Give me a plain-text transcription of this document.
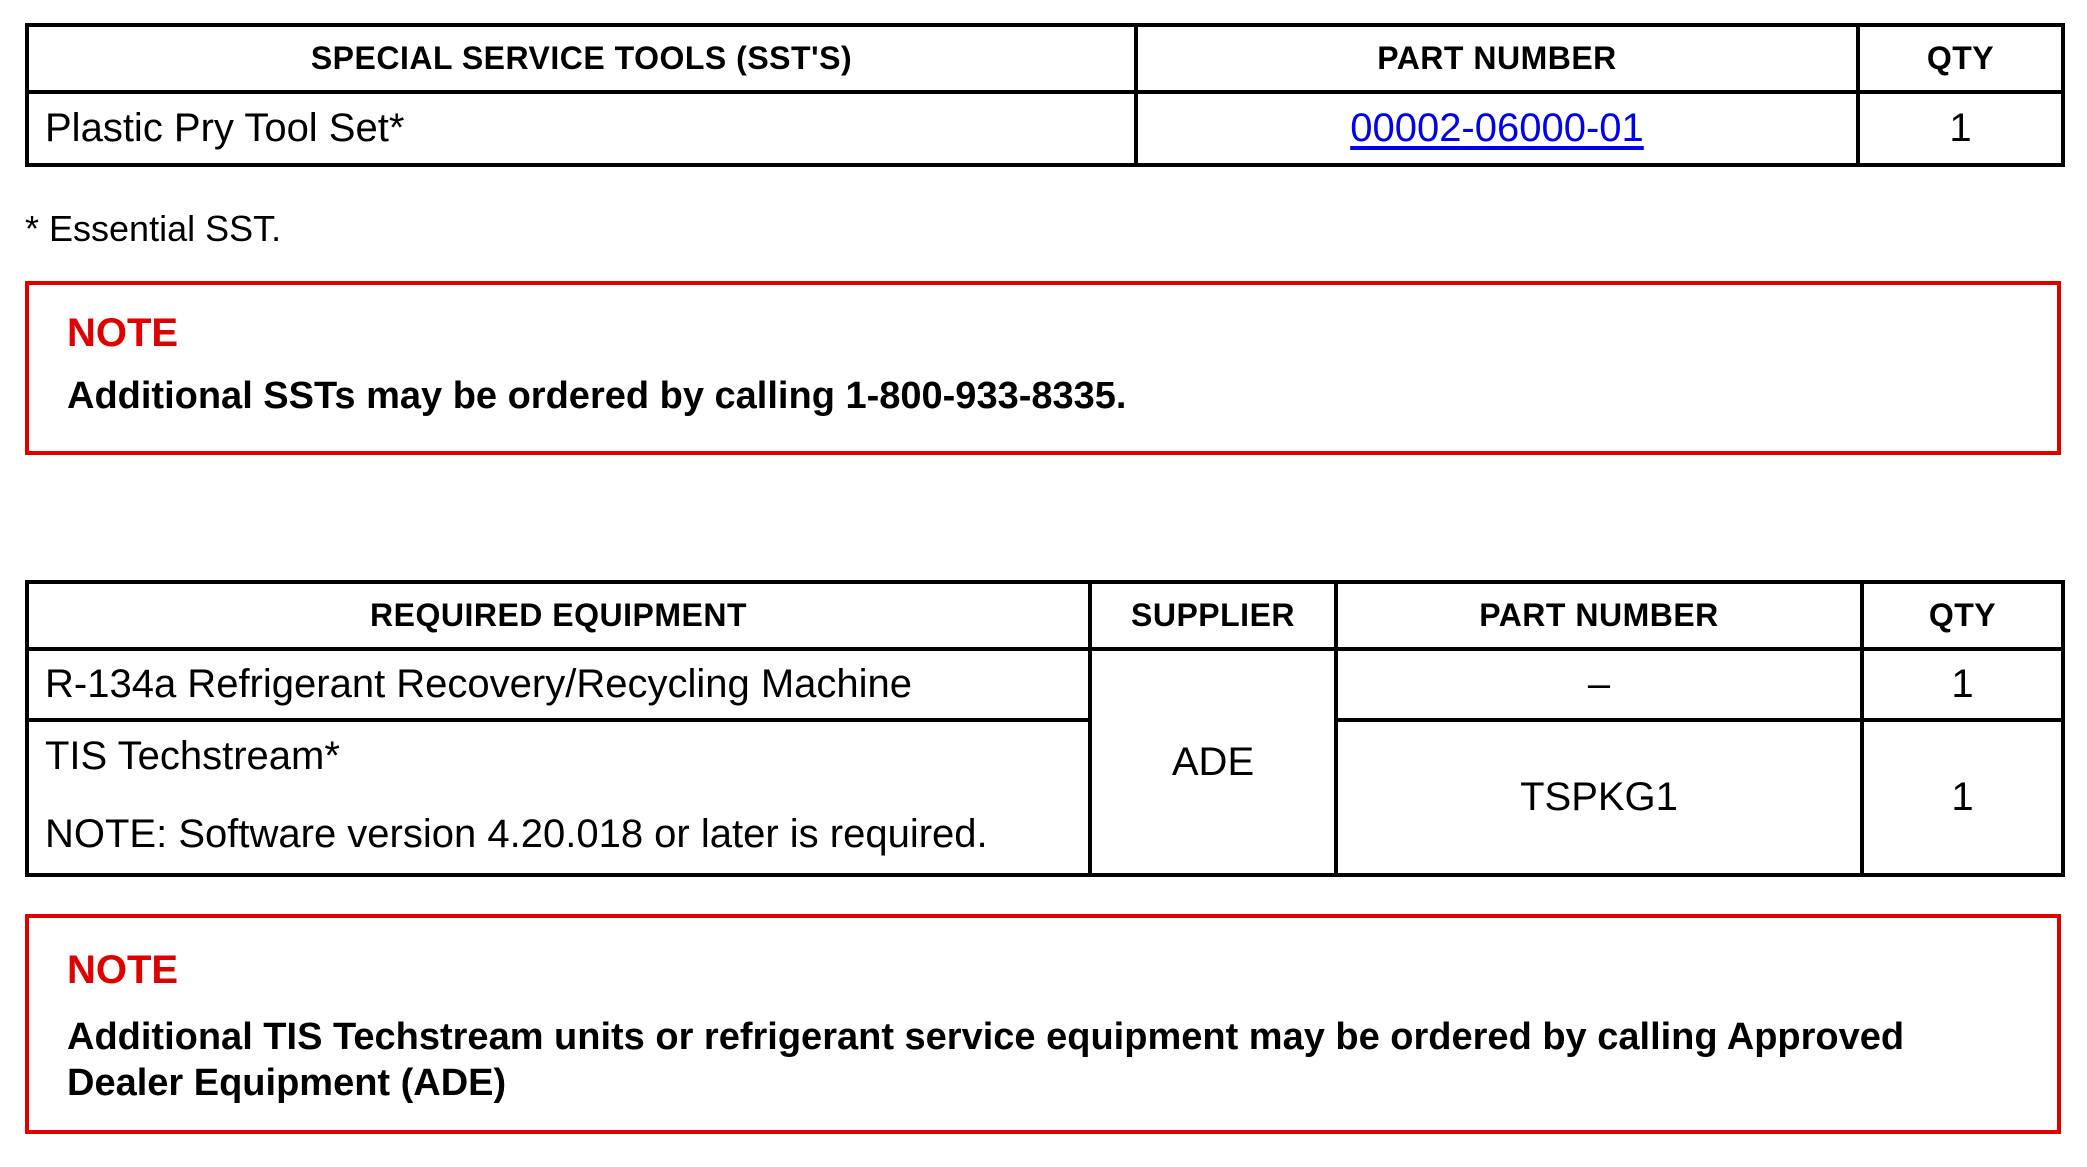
SPECIAL SERVICE TOOLS (SST'S)	PART NUMBER	QTY
Plastic Pry Tool Set*	00002-06000-01	1
* Essential SST.
NOTE
Additional SSTs may be ordered by calling 1-800-933-8335.
REQUIRED EQUIPMENT	SUPPLIER	PART NUMBER	QTY
R-134a Refrigerant Recovery/Recycling Machine	ADE	–	1

TIS Techstream*
NOTE: Software version 4.20.018 or later is required.		TSPKG1	1
NOTE
Additional TIS Techstream units or refrigerant service equipment may be ordered by calling Approved Dealer Equipment (ADE)
